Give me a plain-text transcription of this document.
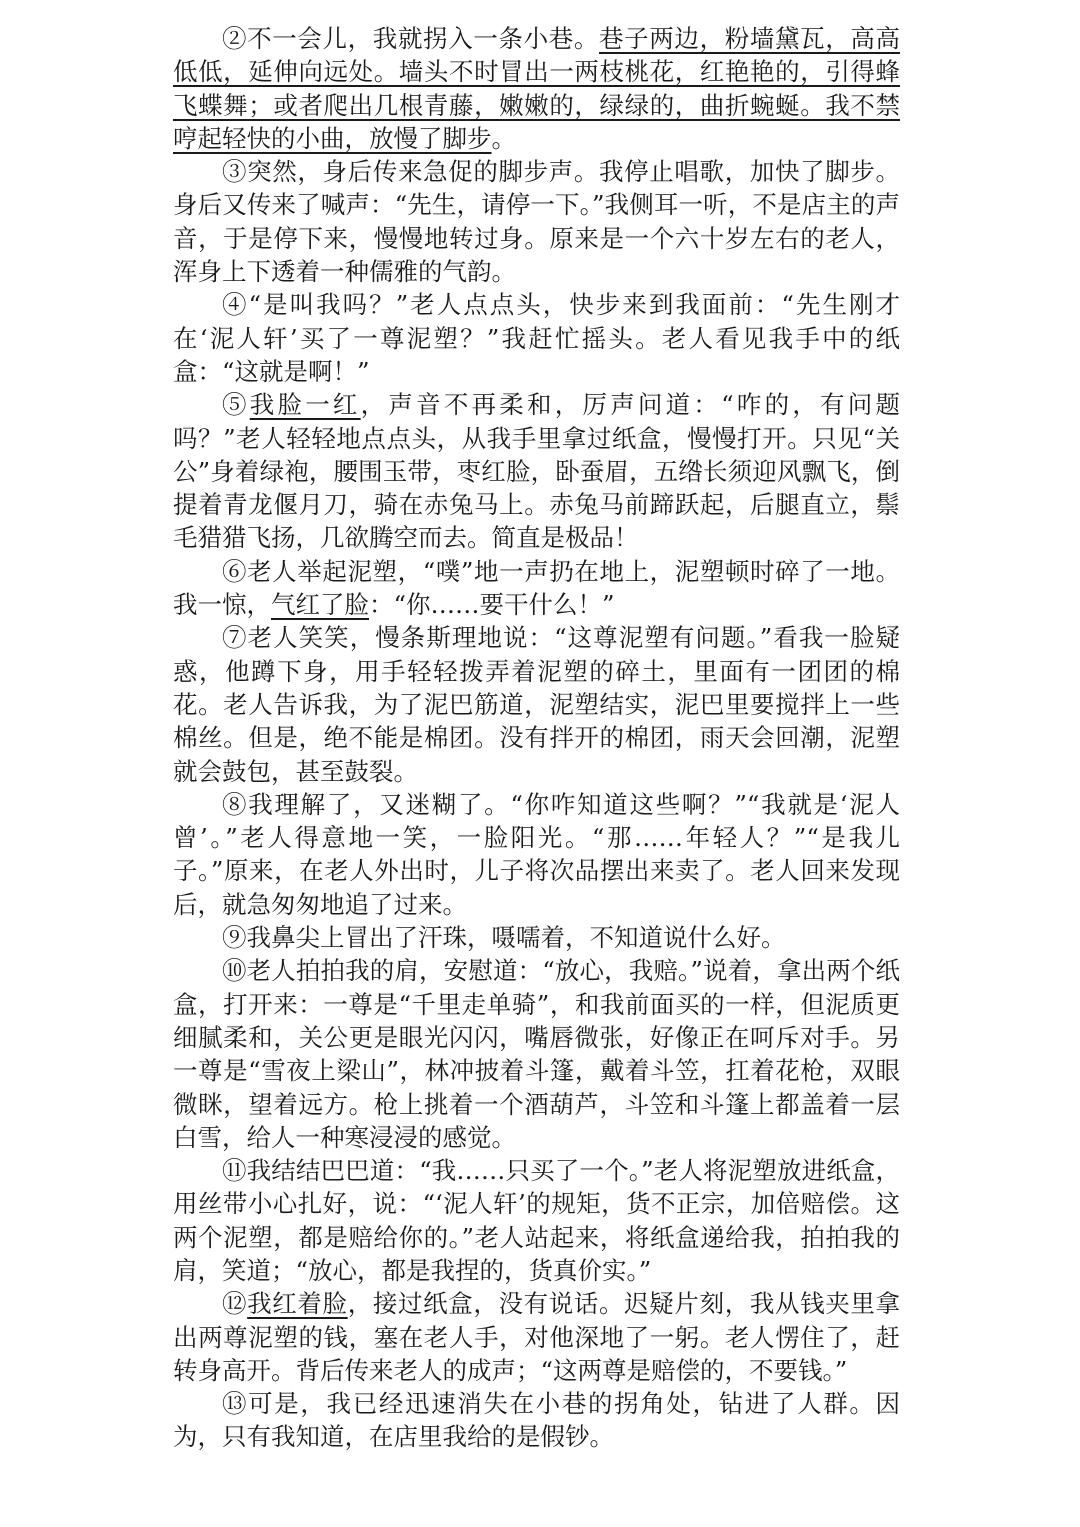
②不一会儿，我就拐入一条小巷。巷子两边，粉墙黛瓦，高高低低，延伸向远处。墙头不时冒出一两枝桃花，红艳艳的，引得蜂飞蝶舞；或者爬出几根青藤，嫩嫩的，绿绿的，曲折蜿蜒。我不禁哼起轻快的小曲，放慢了脚步。

③突然，身后传来急促的脚步声。我停止唱歌，加快了脚步。身后又传来了喊声：“先生，请停一下。”我侧耳一听，不是店主的声音，于是停下来，慢慢地转过身。原来是一个六十岁左右的老人，浑身上下透着一种儒雅的气韵。

④“是叫我吗？”老人点点头，快步来到我面前：“先生刚才在‘泥人轩’买了一尊泥塑？”我赶忙摇头。老人看见我手中的纸盒：“这就是啊！”

⑤我脸一红，声音不再柔和，厉声问道：“咋的，有问题吗？”老人轻轻地点点头，从我手里拿过纸盒，慢慢打开。只见“关公”身着绿袍，腰围玉带，枣红脸，卧蚕眉，五绺长须迎风飘飞，倒提着青龙偃月刀，骑在赤兔马上。赤兔马前蹄跃起，后腿直立，鬃毛猎猎飞扬，几欲腾空而去。简直是极品！

⑥老人举起泥塑，“噗”地一声扔在地上，泥塑顿时碎了一地。我一惊，气红了脸：“你……要干什么！”

⑦老人笑笑，慢条斯理地说：“这尊泥塑有问题。”看我一脸疑惑，他蹲下身，用手轻轻拨弄着泥塑的碎土，里面有一团团的棉花。老人告诉我，为了泥巴筋道，泥塑结实，泥巴里要搅拌上一些棉丝。但是，绝不能是棉团。没有拌开的棉团，雨天会回潮，泥塑就会鼓包，甚至鼓裂。

⑧我理解了，又迷糊了。“你咋知道这些啊？”“我就是‘泥人曾’。”老人得意地一笑，一脸阳光。“那……年轻人？”“是我儿子。”原来，在老人外出时，儿子将次品摆出来卖了。老人回来发现后，就急匆匆地追了过来。

⑨我鼻尖上冒出了汗珠，嗫嚅着，不知道说什么好。

⑩老人拍拍我的肩，安慰道：“放心，我赔。”说着，拿出两个纸盒，打开来：一尊是“千里走单骑”，和我前面买的一样，但泥质更细腻柔和，关公更是眼光闪闪，嘴唇微张，好像正在呵斥对手。另一尊是“雪夜上梁山”，林冲披着斗篷，戴着斗笠，扛着花枪，双眼微眯，望着远方。枪上挑着一个酒葫芦，斗笠和斗篷上都盖着一层白雪，给人一种寒浸浸的感觉。

⑪我结结巴巴道：“我……只买了一个。”老人将泥塑放进纸盒，用丝带小心扎好，说：“‘泥人轩’的规矩，货不正宗，加倍赔偿。这两个泥塑，都是赔给你的。”老人站起来，将纸盒递给我，拍拍我的肩，笑道；“放心，都是我捏的，货真价实。”

⑫我红着脸，接过纸盒，没有说话。迟疑片刻，我从钱夹里拿出两尊泥塑的钱，塞在老人手，对他深地了一躬。老人愣住了，赶转身高开。背后传来老人的成声；“这两尊是赔偿的，不要钱。”

⑬可是，我已经迅速消失在小巷的拐角处，钻进了人群。因为，只有我知道，在店里我给的是假钞。
